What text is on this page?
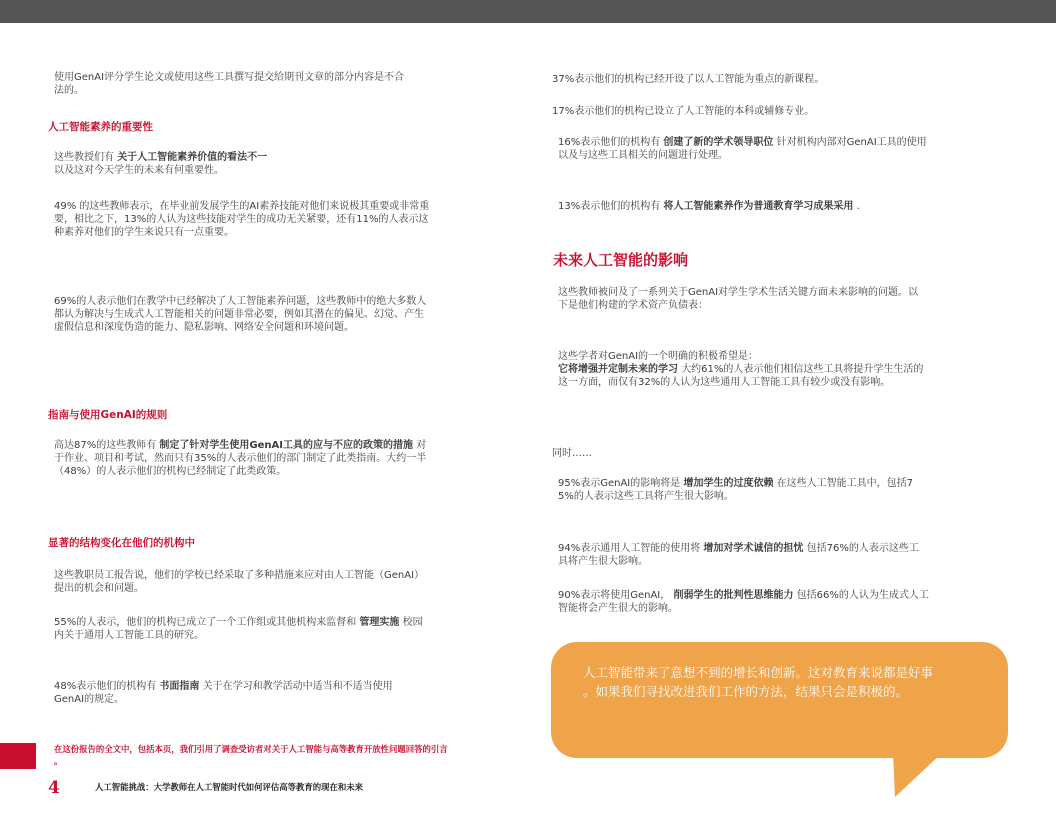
使用GenAI评分学生论文或使用这些工具撰写提交给期刊文章的部分内容是不合
法的。

人工智能素养的重要性

这些教授们有 关于人工智能素养价值的看法不一
以及这对今天学生的未来有何重要性。

49% 的这些教师表示，在毕业前发展学生的AI素养技能对他们来说极其重要或非常重
要，相比之下，13%的人认为这些技能对学生的成功无关紧要，还有11%的人表示这
种素养对他们的学生来说只有一点重要。

69%的人表示他们在教学中已经解决了人工智能素养问题，这些教师中的绝大多数人
都认为解决与生成式人工智能相关的问题非常必要，例如其潜在的偏见、幻觉、产生
虚假信息和深度伪造的能力、隐私影响、网络安全问题和环境问题。

指南与使用GenAI的规则

高达87%的这些教师有 制定了针对学生使用GenAI工具的应与不应的政策的措施 对
于作业、项目和考试，然而只有35%的人表示他们的部门制定了此类指南。大约一半
（48%）的人表示他们的机构已经制定了此类政策。

显著的结构变化在他们的机构中

这些教职员工报告说，他们的学校已经采取了多种措施来应对由人工智能（GenAI）
提出的机会和问题。

55%的人表示，他们的机构已成立了一个工作组或其他机构来监督和 管理实施 校园
内关于通用人工智能工具的研究。

48%表示他们的机构有 书面指南 关于在学习和教学活动中适当和不适当使用
GenAI的规定。

37%表示他们的机构已经开设了以人工智能为重点的新课程。

17%表示他们的机构已设立了人工智能的本科或辅修专业。

16%表示他们的机构有 创建了新的学术领导职位 针对机构内部对GenAI工具的使用
以及与这些工具相关的问题进行处理。

13%表示他们的机构有 将人工智能素养作为普通教育学习成果采用 .

未来人工智能的影响

这些教师被问及了一系列关于GenAI对学生学术生活关键方面未来影响的问题。以
下是他们构建的学术资产负债表：

这些学者对GenAI的一个明确的积极希望是：
它将增强并定制未来的学习 大约61%的人表示他们相信这些工具将提升学生生活的
这一方面，而仅有32%的人认为这些通用人工智能工具有较少或没有影响。

同时……

95%表示GenAI的影响将是 增加学生的过度依赖 在这些人工智能工具中，包括7
5%的人表示这些工具将产生很大影响。

94%表示通用人工智能的使用将 增加对学术诚信的担忧 包括76%的人表示这些工
具将产生很大影响。

90%表示将使用GenAI， 削弱学生的批判性思维能力 包括66%的人认为生成式人工
智能将会产生很大的影响。

人工智能带来了意想不到的增长和创新。这对教育来说都是好事
。如果我们寻找改进我们工作的方法，结果只会是积极的。

在这份报告的全文中，包括本页，我们引用了调查受访者对关于人工智能与高等教育开放性问题回答的引言
。

4	人工智能挑战：大学教师在人工智能时代如何评估高等教育的现在和未来
